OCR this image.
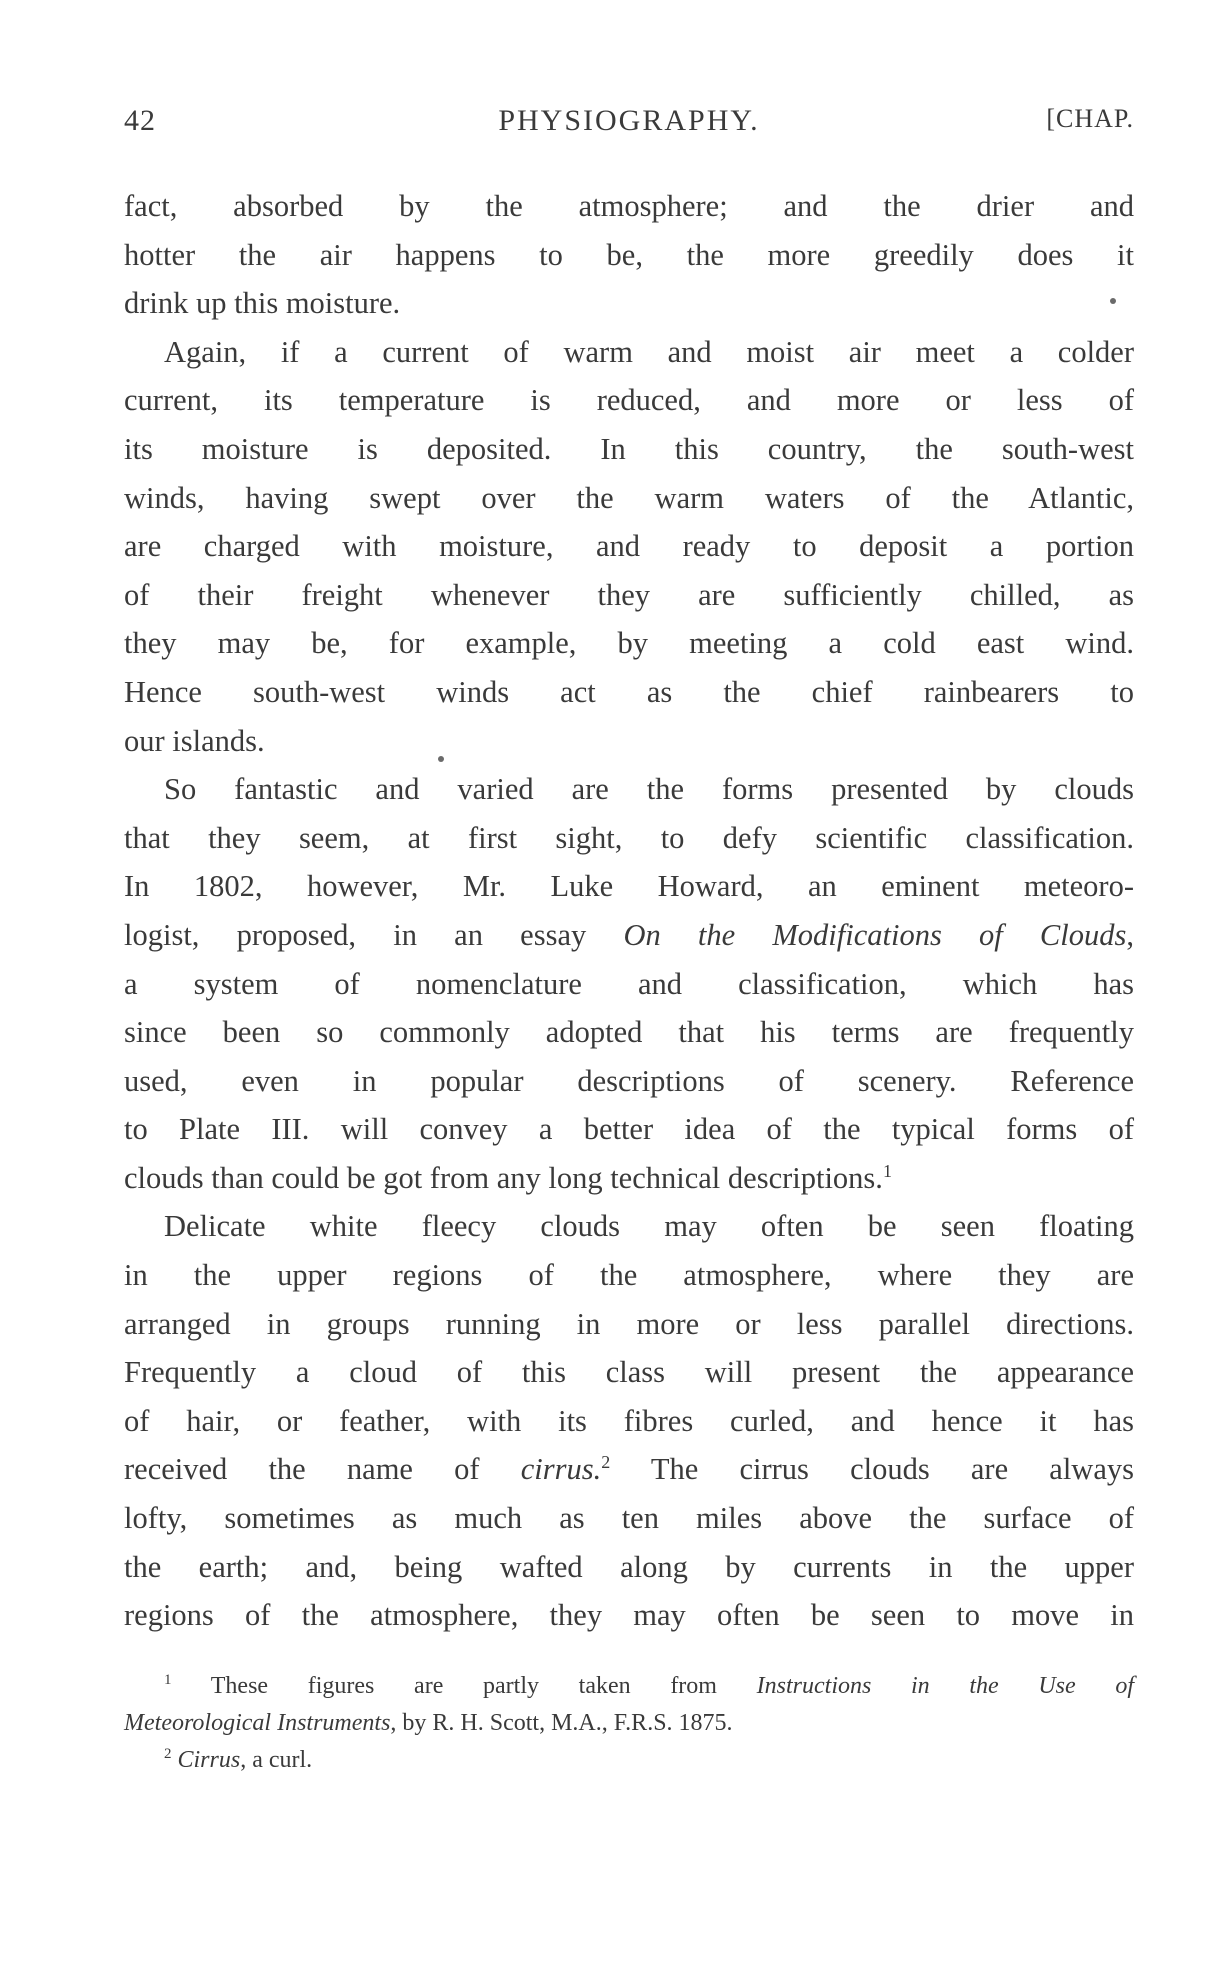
42	PHYSIOGRAPHY.	[CHAP.
fact, absorbed by the atmosphere; and the drier and
hotter the air happens to be, the more greedily does it
drink up this moisture.
Again, if a current of warm and moist air meet a colder
current, its temperature is reduced, and more or less of
its moisture is deposited. In this country, the south-west
winds, having swept over the warm waters of the Atlantic,
are charged with moisture, and ready to deposit a portion
of their freight whenever they are sufficiently chilled, as
they may be, for example, by meeting a cold east wind.
Hence south-west winds act as the chief rainbearers to
our islands.
So fantastic and varied are the forms presented by clouds
that they seem, at first sight, to defy scientific classification.
In 1802, however, Mr. Luke Howard, an eminent meteoro-
logist, proposed, in an essay On the Modifications of Clouds,
a system of nomenclature and classification, which has
since been so commonly adopted that his terms are frequently
used, even in popular descriptions of scenery. Reference
to Plate III. will convey a better idea of the typical forms of
clouds than could be got from any long technical descriptions.$^1$
Delicate white fleecy clouds may often be seen floating
in the upper regions of the atmosphere, where they are
arranged in groups running in more or less parallel directions.
Frequently a cloud of this class will present the appearance
of hair, or feather, with its fibres curled, and hence it has
received the name of cirrus.$^2$ The cirrus clouds are always
lofty, sometimes as much as ten miles above the surface of
the earth; and, being wafted along by currents in the upper
regions of the atmosphere, they may often be seen to move in
$^1$ These figures are partly taken from Instructions in the Use of
Meteorological Instruments, by R. H. Scott, M.A., F.R.S. 1875.
$^2$ Cirrus, a curl.
